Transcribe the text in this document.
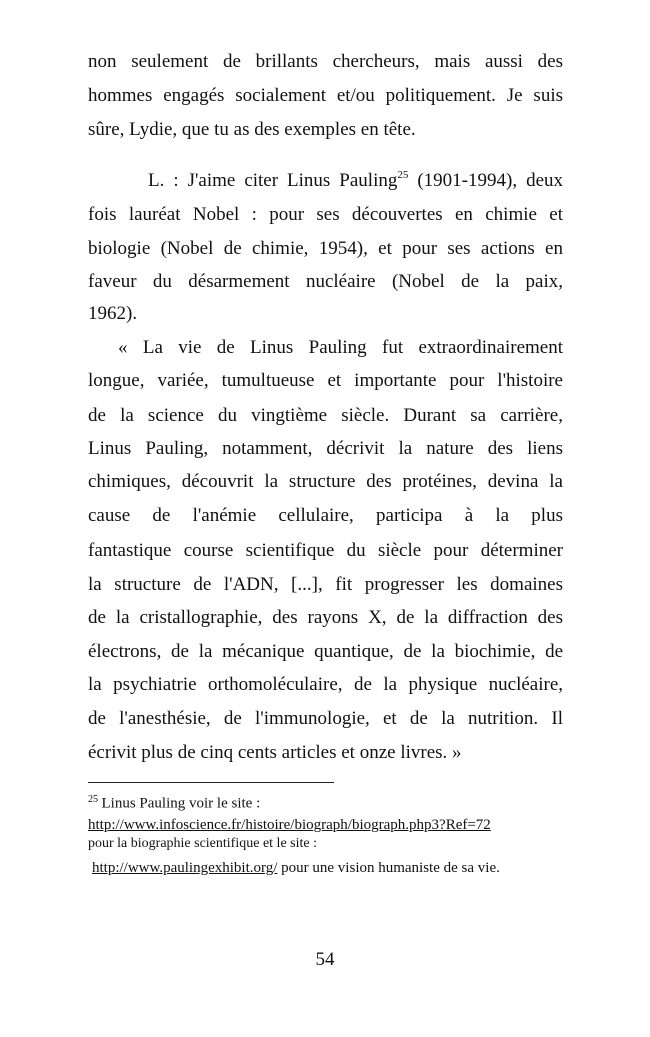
non seulement de brillants chercheurs, mais aussi des
hommes engagés socialement et/ou politiquement. Je suis
sûre, Lydie, que tu as des exemples en tête.
L. : J'aime citer Linus Pauling$^{25}$ (1901-1994), deux
fois lauréat Nobel : pour ses découvertes en chimie et
biologie (Nobel de chimie, 1954), et pour ses actions en
faveur du désarmement nucléaire (Nobel de la paix,
1962).
« La vie de Linus Pauling fut extraordinairement
longue, variée, tumultueuse et importante pour l'histoire
de la science du vingtième siècle. Durant sa carrière,
Linus Pauling, notamment, décrivit la nature des liens
chimiques, découvrit la structure des protéines, devina la
cause de l'anémie cellulaire, participa à la plus
fantastique course scientifique du siècle pour déterminer
la structure de l'ADN, [...], fit progresser les domaines
de la cristallographie, des rayons X, de la diffraction des
électrons, de la mécanique quantique, de la biochimie, de
la psychiatrie orthomoléculaire, de la physique nucléaire,
de l'anesthésie, de l'immunologie, et de la nutrition. Il
écrivit plus de cinq cents articles et onze livres. »
$^{25}$ Linus Pauling voir le site :
http://www.infoscience.fr/histoire/biograph/biograph.php3?Ref=72
pour la biographie scientifique et le site :
http://www.paulingexhibit.org/ pour une vision humaniste de sa vie.
54
